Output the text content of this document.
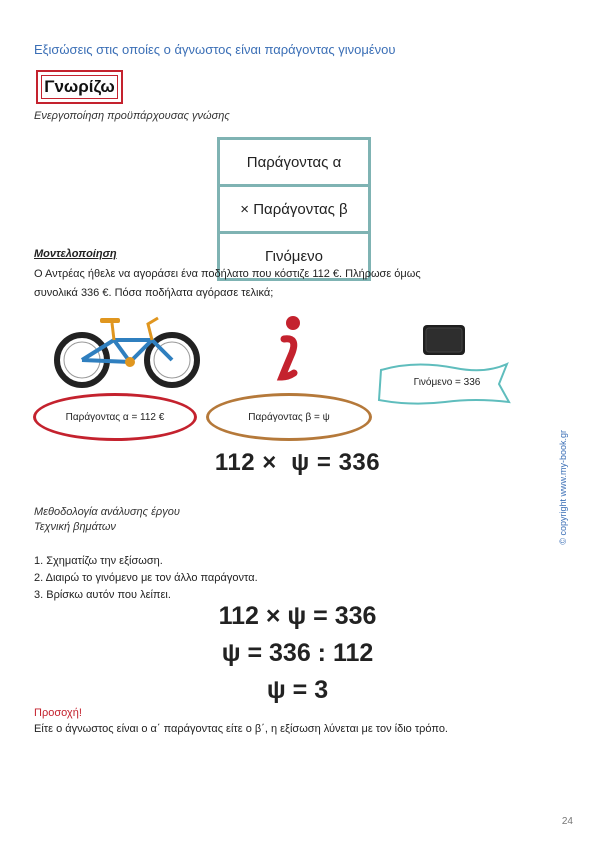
Εξισώσεις στις οποίες ο άγνωστος είναι παράγοντας γινομένου
Γνωρίζω
Ενεργοποίηση προϋπάρχουσας γνώσης
Παράγοντας α
× Παράγοντας β
Γινόμενο
Μοντελοποίηση
Ο Αντρέας ήθελε να αγοράσει ένα ποδήλατο που κόστιζε 112 €. Πλήρωσε όμως
συνολικά 336 €. Πόσα ποδήλατα αγόρασε τελικά;
Γινόμενο = 336
Παράγοντας α = 112 €	Παράγοντας β = ψ
112 ×  ψ = 336
Μεθοδολογία ανάλυσης έργου
Τεχνική βημάτων
1. Σχηματίζω την εξίσωση.
2. Διαιρώ το γινόμενο με τον άλλο παράγοντα.
3. Βρίσκω αυτόν που λείπει.
112 × ψ = 336
ψ = 336 : 112
ψ = 3
Προσοχή!
Είτε ο άγνωστος είναι ο α΄ παράγοντας είτε ο β΄, η εξίσωση λύνεται με τον ίδιο τρόπο.
© copyright www.my-book.gr
24
